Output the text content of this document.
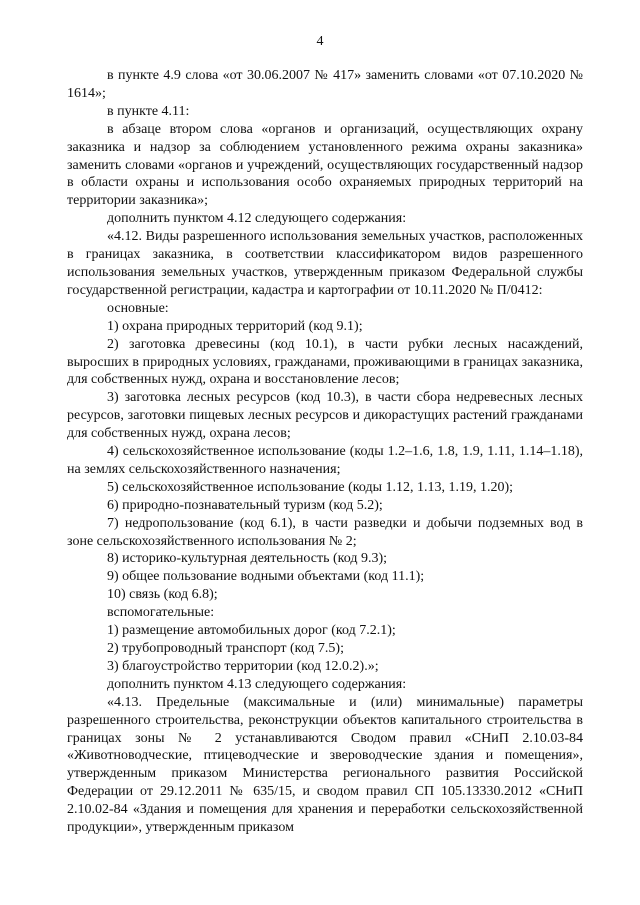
4

в пункте 4.9 слова «от 30.06.2007 № 417» заменить словами «от 07.10.2020 № 1614»;

в пункте 4.11:

в абзаце втором слова «органов и организаций, осуществляющих охрану заказника и надзор за соблюдением установленного режима охраны заказника» заменить словами «органов и учреждений, осуществляющих государственный надзор в области охраны и использования особо охраняемых природных территорий на территории заказника»;

дополнить пунктом 4.12 следующего содержания:

«4.12. Виды разрешенного использования земельных участков, расположенных в границах заказника, в соответствии классификатором видов разрешенного использования земельных участков, утвержденным приказом Федеральной службы государственной регистрации, кадастра и картографии от 10.11.2020 № П/0412:

основные:

1) охрана природных территорий (код 9.1);

2) заготовка древесины (код 10.1), в части рубки лесных насаждений, выросших в природных условиях, гражданами, проживающими в границах заказника, для собственных нужд, охрана и восстановление лесов;

3) заготовка лесных ресурсов (код 10.3), в части сбора недревесных лесных ресурсов, заготовки пищевых лесных ресурсов и дикорастущих растений гражданами для собственных нужд, охрана лесов;

4) сельскохозяйственное использование (коды 1.2–1.6, 1.8, 1.9, 1.11, 1.14–1.18), на землях сельскохозяйственного назначения;

5) сельскохозяйственное использование (коды 1.12, 1.13, 1.19, 1.20);

6) природно-познавательный туризм (код 5.2);

7) недропользование (код 6.1), в части разведки и добычи подземных вод в зоне сельскохозяйственного использования № 2;

8) историко-культурная деятельность (код 9.3);

9) общее пользование водными объектами (код 11.1);

10) связь (код 6.8);

вспомогательные:

1) размещение автомобильных дорог (код 7.2.1);

2) трубопроводный транспорт (код 7.5);

3) благоустройство территории (код 12.0.2).»;

дополнить пунктом 4.13 следующего содержания:

«4.13. Предельные (максимальные и (или) минимальные) параметры разрешенного строительства, реконструкции объектов капитального строительства в границах зоны № 2 устанавливаются Сводом правил «СНиП 2.10.03-84 «Животноводческие, птицеводческие и звероводческие здания и помещения», утвержденным приказом Министерства регионального развития Российской Федерации от 29.12.2011 № 635/15, и сводом правил СП 105.13330.2012 «СНиП 2.10.02-84 «Здания и помещения для хранения и переработки сельскохозяйственной продукции», утвержденным приказом
